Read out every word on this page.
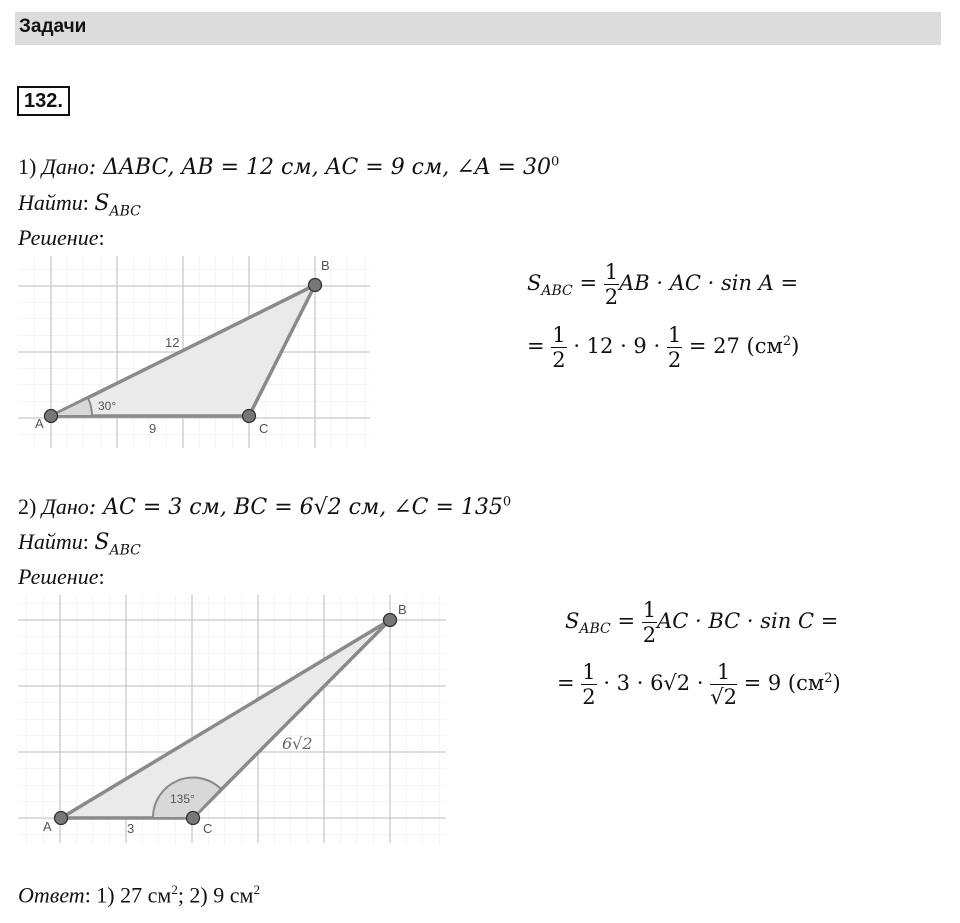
Задачи
132.
1) Дано: ΔABC, AB = 12 см, AC = 9 см, ∠A = $30^0$
Найти: $S_{ABC}$
Решение:
A
B
C
12
9
30°
$S_{ABC} = \frac{1}{2}$ AB · AC · sin A =
= $\frac{1}{2} \cdot 12 \cdot 9 \cdot \frac{1}{2} = 27$ $(см^2)$
2) Дано: AC = 3 см, BC = 6√2 см, ∠C = $135^0$
Найти: $S_{ABC}$
Решение:
A
B
C
3
6√2
135°
$S_{ABC} = \frac{1}{2}$ AC · BC · sin C =
= $\frac{1}{2} \cdot 3 \cdot 6√2 \cdot \frac{1}{√2} = 9$ $(см^2)$
Ответ: 1) 27 $см^2$; 2) 9 $см^2$
